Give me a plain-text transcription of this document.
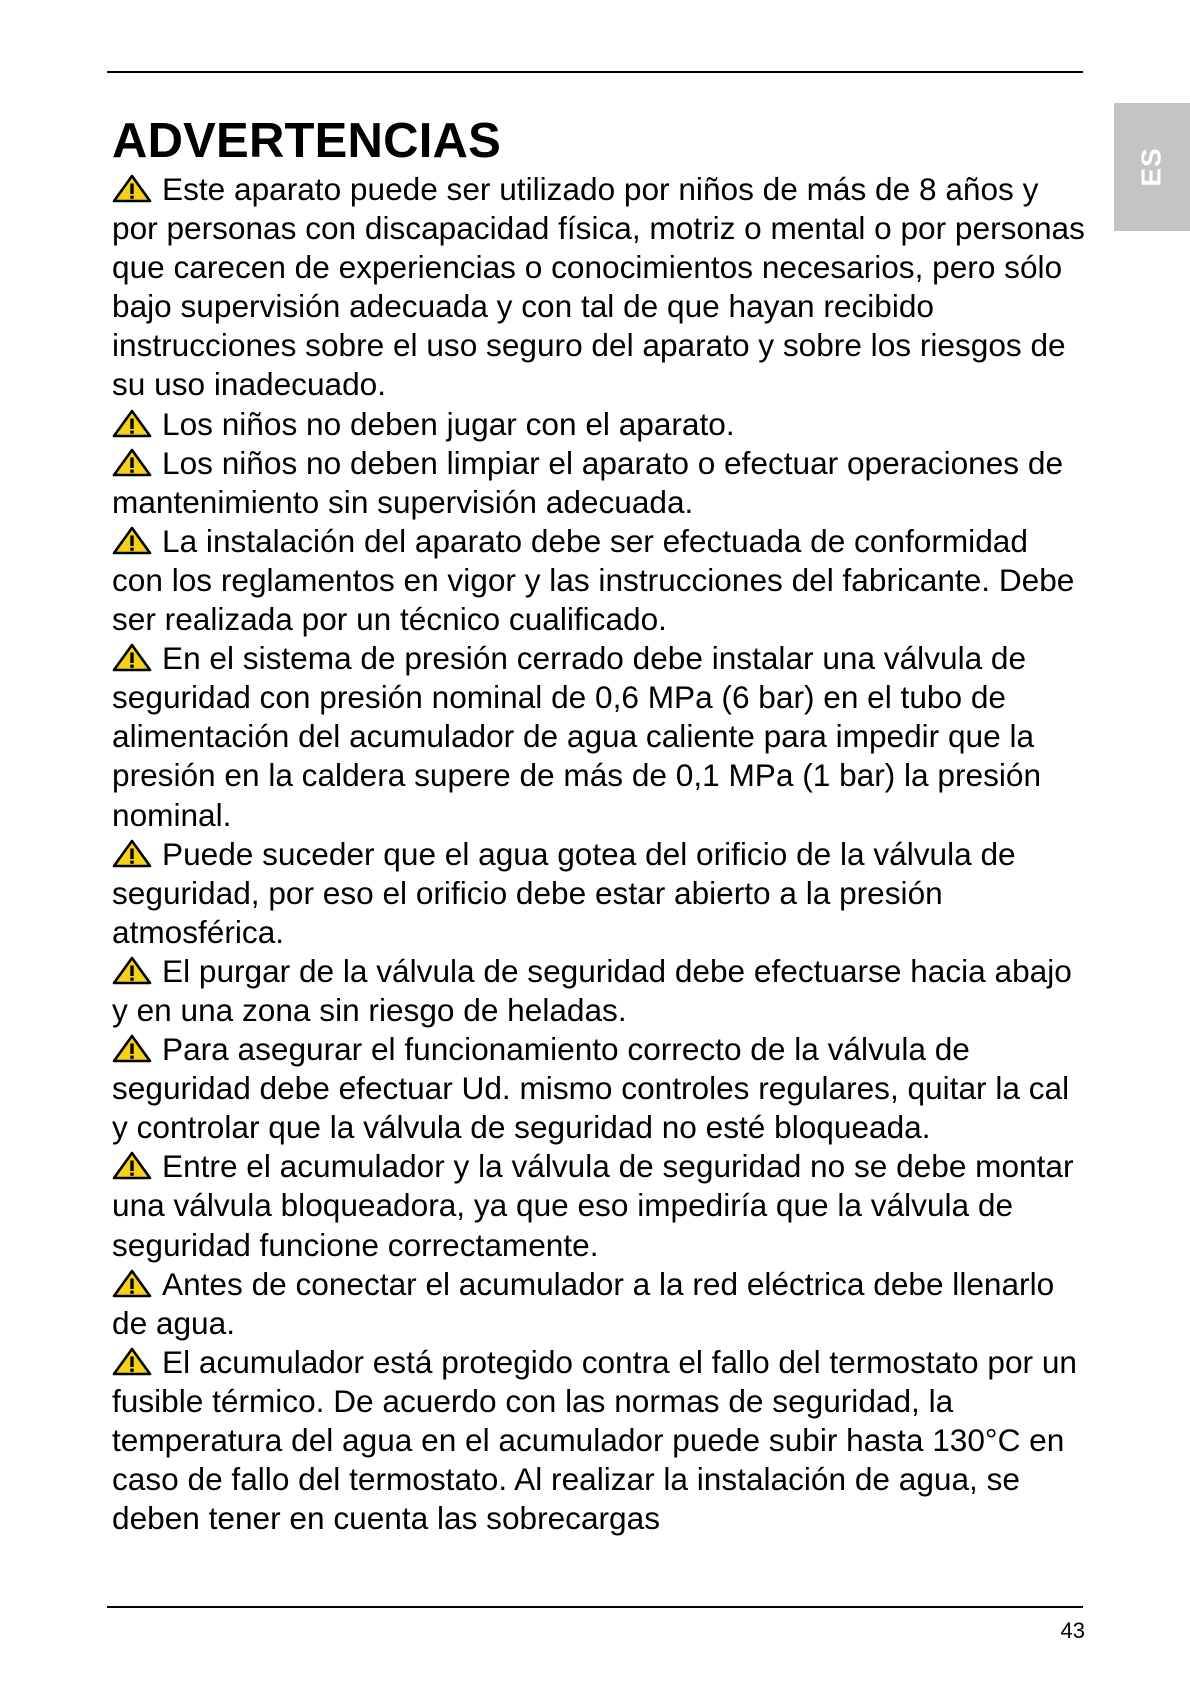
ES
ADVERTENCIAS
Este aparato puede ser utilizado por niños de más de 8 años y por personas con discapacidad física, motriz o mental o por personas que carecen de experiencias o conocimientos necesarios, pero sólo bajo supervisión adecuada y con tal de que hayan recibido instrucciones sobre el uso seguro del aparato y sobre los riesgos de su uso inadecuado.
Los niños no deben jugar con el aparato.
Los niños no deben limpiar el aparato o efectuar operaciones de mantenimiento sin supervisión adecuada.
La instalación del aparato debe ser efectuada de conformidad con los reglamentos en vigor y las instrucciones del fabricante. Debe ser realizada por un técnico cualificado.
En el sistema de presión cerrado debe instalar una válvula de seguridad con presión nominal de 0,6 MPa (6 bar) en el tubo de alimentación del acumulador de agua caliente para impedir que la presión en la caldera supere de más de 0,1 MPa (1 bar) la presión nominal.
Puede suceder que el agua gotea del orificio de la válvula de seguridad, por eso el orificio debe estar abierto a la presión atmosférica.
El purgar de la válvula de seguridad debe efectuarse hacia abajo y en una zona sin riesgo de heladas.
Para asegurar el funcionamiento correcto de la válvula de seguridad debe efectuar Ud. mismo controles regulares, quitar la cal y controlar que la válvula de seguridad no esté bloqueada.
Entre el acumulador y la válvula de seguridad no se debe montar una válvula bloqueadora, ya que eso impediría que la válvula de seguridad funcione correctamente.
Antes de conectar el acumulador a la red eléctrica debe llenarlo de agua.
El acumulador está protegido contra el fallo del termostato por un fusible térmico. De acuerdo con las normas de seguridad, la temperatura del agua en el acumulador puede subir hasta 130°C en caso de fallo del termostato. Al realizar la instalación de agua, se deben tener en cuenta las sobrecargas
43
